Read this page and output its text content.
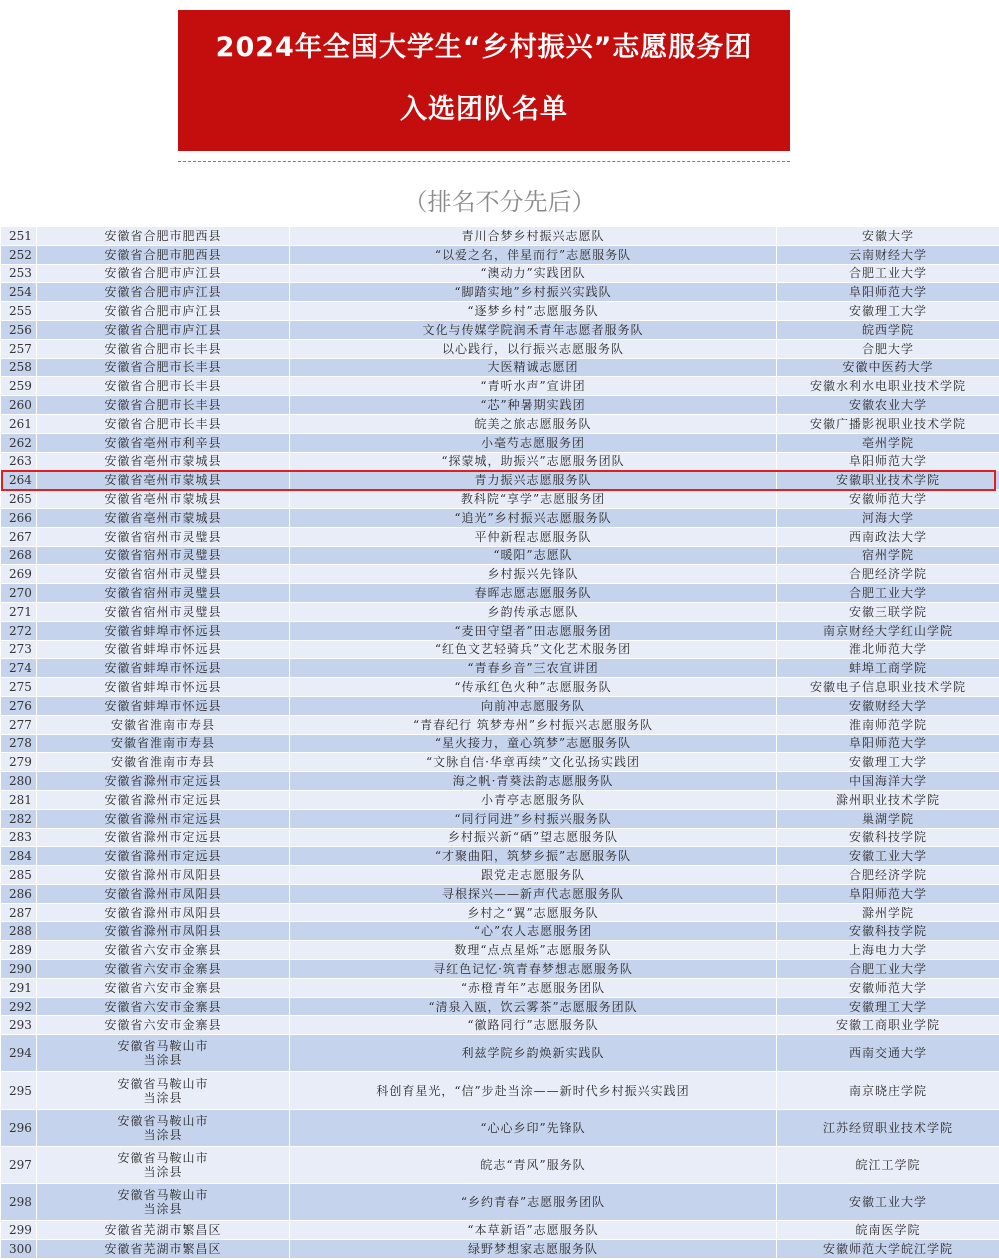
2024年全国大学生“乡村振兴”志愿服务团
入选团队名单
（排名不分先后）
251	安徽省合肥市肥西县	青川合梦乡村振兴志愿队	安徽大学
252	安徽省合肥市肥西县	“以爱之名，伴星而行”志愿服务队	云南财经大学
253	安徽省合肥市庐江县	“澳动力”实践团队	合肥工业大学
254	安徽省合肥市庐江县	“脚踏实地”乡村振兴实践队	阜阳师范大学
255	安徽省合肥市庐江县	“逐梦乡村”志愿服务队	安徽理工大学
256	安徽省合肥市庐江县	文化与传媒学院润禾青年志愿者服务队	皖西学院
257	安徽省合肥市长丰县	以心践行，以行振兴志愿服务队	合肥大学
258	安徽省合肥市长丰县	大医精诚志愿团	安徽中医药大学
259	安徽省合肥市长丰县	“青听水声”宣讲团	安徽水利水电职业技术学院
260	安徽省合肥市长丰县	“芯”种暑期实践团	安徽农业大学
261	安徽省合肥市长丰县	皖美之旅志愿服务队	安徽广播影视职业技术学院
262	安徽省亳州市利辛县	小毫芍志愿服务团	亳州学院
263	安徽省亳州市蒙城县	“探蒙城，助振兴”志愿服务团队	阜阳师范大学
264	安徽省亳州市蒙城县	青力振兴志愿服务队	安徽职业技术学院
265	安徽省亳州市蒙城县	教科院“享学”志愿服务团	安徽师范大学
266	安徽省亳州市蒙城县	“追光”乡村振兴志愿服务队	河海大学
267	安徽省宿州市灵璧县	平仲新程志愿服务队	西南政法大学
268	安徽省宿州市灵璧县	“暖阳”志愿队	宿州学院
269	安徽省宿州市灵璧县	乡村振兴先锋队	合肥经济学院
270	安徽省宿州市灵璧县	春晖志愿志愿服务队	合肥工业大学
271	安徽省宿州市灵璧县	乡韵传承志愿队	安徽三联学院
272	安徽省蚌埠市怀远县	“麦田守望者”田志愿服务团	南京财经大学红山学院
273	安徽省蚌埠市怀远县	“红色文艺轻骑兵”文化艺术服务团	淮北师范大学
274	安徽省蚌埠市怀远县	“青春乡音”三农宣讲团	蚌埠工商学院
275	安徽省蚌埠市怀远县	“传承红色火种”志愿服务队	安徽电子信息职业技术学院
276	安徽省蚌埠市怀远县	向前冲志愿服务队	安徽财经大学
277	安徽省淮南市寿县	“青春纪行 筑梦寿州”乡村振兴志愿服务队	淮南师范学院
278	安徽省淮南市寿县	“星火接力，童心筑梦”志愿服务队	阜阳师范大学
279	安徽省淮南市寿县	“文脉自信·华章再续”文化弘扬实践团	安徽理工大学
280	安徽省滁州市定远县	海之帆·青葵法韵志愿服务队	中国海洋大学
281	安徽省滁州市定远县	小青亭志愿服务队	滁州职业技术学院
282	安徽省滁州市定远县	“同行同进”乡村振兴服务队	巢湖学院
283	安徽省滁州市定远县	乡村振兴新“硒”望志愿服务队	安徽科技学院
284	安徽省滁州市定远县	“才聚曲阳，筑梦乡振”志愿服务队	安徽工业大学
285	安徽省滁州市凤阳县	跟党走志愿服务队	合肥经济学院
286	安徽省滁州市凤阳县	寻根探兴——新声代志愿服务队	阜阳师范大学
287	安徽省滁州市凤阳县	乡村之“翼”志愿服务队	滁州学院
288	安徽省滁州市凤阳县	“心”农人志愿服务团	安徽科技学院
289	安徽省六安市金寨县	数理“点点星烁”志愿服务队	上海电力大学
290	安徽省六安市金寨县	寻红色记忆·筑青春梦想志愿服务队	合肥工业大学
291	安徽省六安市金寨县	“赤橙青年”志愿服务团队	安徽师范大学
292	安徽省六安市金寨县	“清泉入瓯，饮云雾茶”志愿服务团队	安徽理工大学
293	安徽省六安市金寨县	“徽路同行”志愿服务队	安徽工商职业学院
294	安徽省马鞍山市
当涂县	利兹学院乡韵焕新实践队	西南交通大学
295	安徽省马鞍山市
当涂县	科创育星光，“信”步赴当涂——新时代乡村振兴实践团	南京晓庄学院
296	安徽省马鞍山市
当涂县	“心心乡印”先锋队	江苏经贸职业技术学院
297	安徽省马鞍山市
当涂县	皖志“青风”服务队	皖江工学院
298	安徽省马鞍山市
当涂县	“乡约青春”志愿服务团队	安徽工业大学
299	安徽省芜湖市繁昌区	“本草新语”志愿服务队	皖南医学院
300	安徽省芜湖市繁昌区	绿野梦想家志愿服务队	安徽师范大学皖江学院
